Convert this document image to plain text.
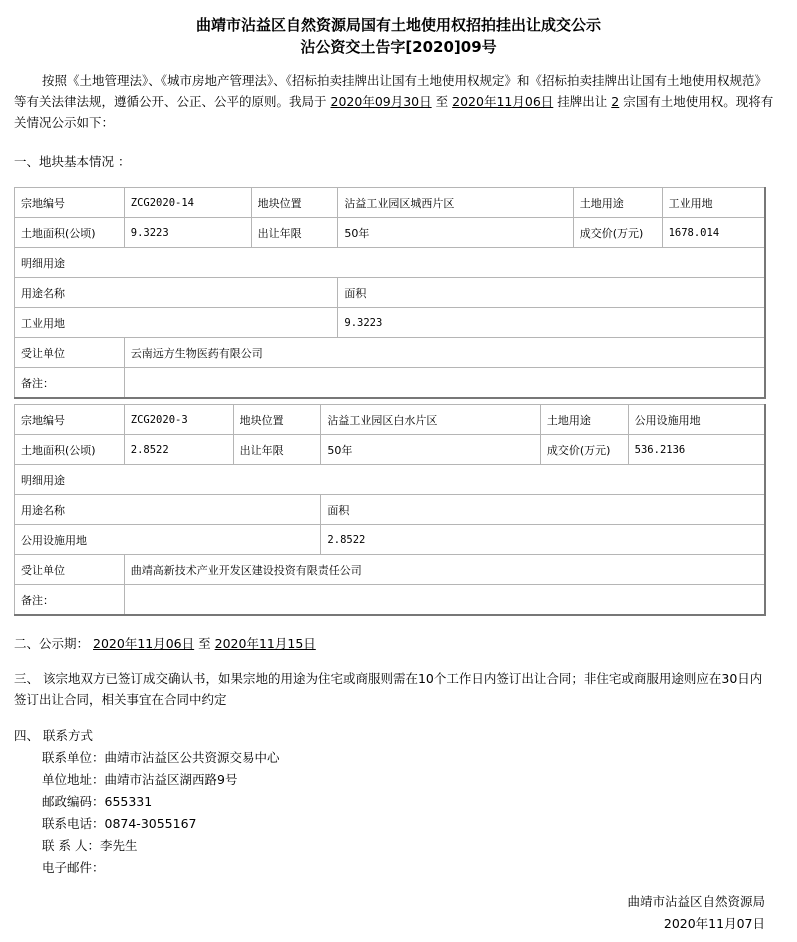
曲靖市沾益区自然资源局国有土地使用权招拍挂出让成交公示
沾公资交土告字[2020]09号
按照《土地管理法》、《城市房地产管理法》、《招标拍卖挂牌出让国有土地使用权规定》和《招标拍卖挂牌出让国有土地使用权规范》等有关法律法规，遵循公开、公正、公平的原则。我局于 2020年09月30日 至 2020年11月06日 挂牌出让 2 宗国有土地使用权。现将有关情况公示如下：
一、地块基本情况 ：
宗地编号	ZCG2020-14	地块位置	沾益工业园区城西片区	土地用途	工业用地
土地面积(公顷)	9.3223	出让年限	50年	成交价(万元)	1678.014
明细用途					
用途名称			面积		
工业用地			9.3223		
受让单位	云南远方生物医药有限公司				
备注：					
宗地编号	ZCG2020-3	地块位置	沾益工业园区白水片区	土地用途	公用设施用地
土地面积(公顷)	2.8522	出让年限	50年	成交价(万元)	536.2136
明细用途					
用途名称			面积		
公用设施用地			2.8522		
受让单位	曲靖高新技术产业开发区建设投资有限责任公司				
备注：					
二、公示期： 2020年11月06日 至 2020年11月15日
三、 该宗地双方已签订成交确认书，如果宗地的用途为住宅或商服则需在10个工作日内签订出让合同；非住宅或商服用途则应在30日内签订出让合同，相关事宜在合同中约定
四、 联系方式
联系单位：曲靖市沾益区公共资源交易中心
单位地址：曲靖市沾益区湖西路9号
邮政编码：655331
联系电话：0874-3055167
联 系 人：李先生
电子邮件：
曲靖市沾益区自然资源局
2020年11月07日
